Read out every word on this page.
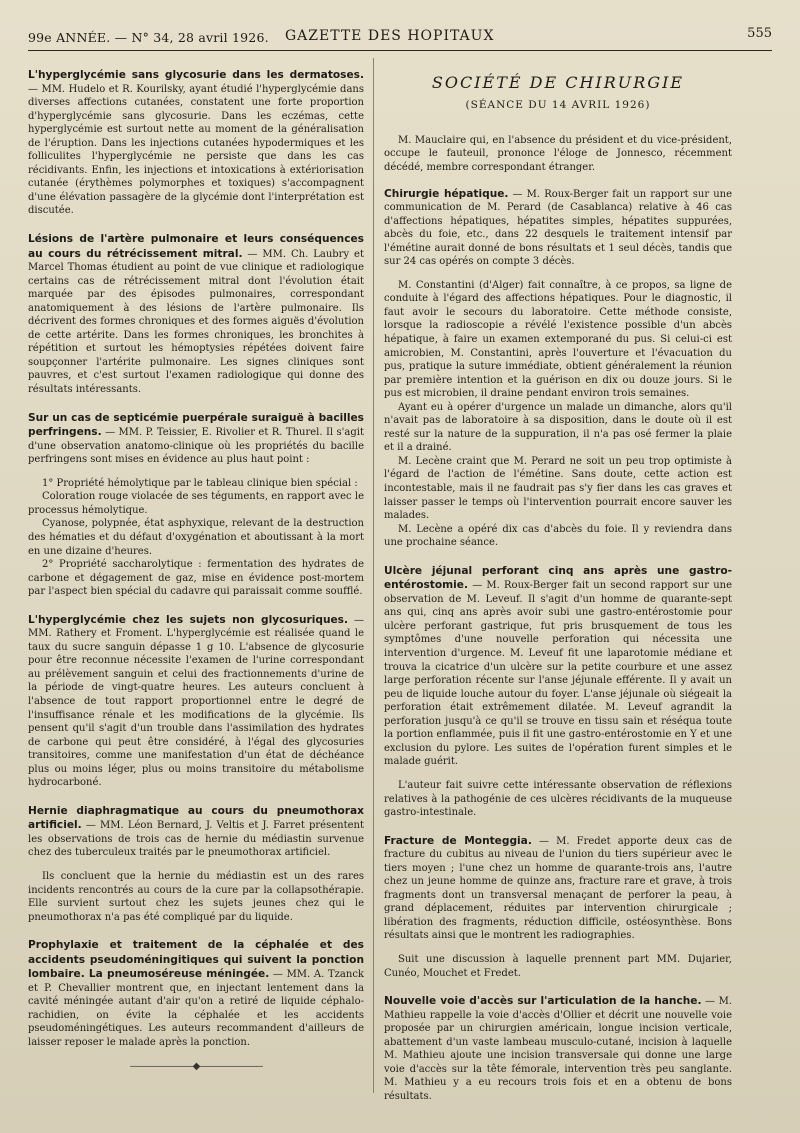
99e ANNÉE. — N° 34, 28 avril 1926. GAZETTE DES HOPITAUX	555

L'hyperglycémie sans glycosurie dans les dermatoses. — MM. Hudelo et R. Kourilsky, ayant étudié l'hyperglycémie dans diverses affections cutanées, constatent une forte proportion d'hyperglycémie sans glycosurie. Dans les eczémas, cette hyperglycémie est surtout nette au moment de la généralisation de l'éruption. Dans les injections cutanées hypodermiques et les folliculites l'hyperglycémie ne persiste que dans les cas récidivants. Enfin, les injections et intoxications à extériorisation cutanée (érythèmes polymorphes et toxiques) s'accompagnent d'une élévation passagère de la glycémie dont l'interprétation est discutée.

Lésions de l'artère pulmonaire et leurs conséquences au cours du rétrécissement mitral. — MM. Ch. Laubry et Marcel Thomas étudient au point de vue clinique et radiologique certains cas de rétrécissement mitral dont l'évolution était marquée par des épisodes pulmonaires, correspondant anatomiquement à des lésions de l'artère pulmonaire. Ils décrivent des formes chroniques et des formes aiguës d'évolution de cette artérite. Dans les formes chroniques, les bronchites à répétition et surtout les hémoptysies répétées doivent faire soupçonner l'artérite pulmonaire. Les signes cliniques sont pauvres, et c'est surtout l'examen radiologique qui donne des résultats intéressants.

Sur un cas de septicémie puerpérale suraiguë à bacilles perfringens. — MM. P. Teissier, E. Rivolier et R. Thurel. Il s'agit d'une observation anatomo-clinique où les propriétés du bacille perfringens sont mises en évidence au plus haut point :

1° Propriété hémolytique par le tableau clinique bien spécial :

Coloration rouge violacée de ses téguments, en rapport avec le processus hémolytique.

Cyanose, polypnée, état asphyxique, relevant de la destruction des hématies et du défaut d'oxygénation et aboutissant à la mort en une dizaine d'heures.

2° Propriété saccharolytique : fermentation des hydrates de carbone et dégagement de gaz, mise en évidence post-mortem par l'aspect bien spécial du cadavre qui paraissait comme soufflé.

L'hyperglycémie chez les sujets non glycosuriques. — MM. Rathery et Froment. L'hyperglycémie est réalisée quand le taux du sucre sanguin dépasse 1 g 10. L'absence de glycosurie pour être reconnue nécessite l'examen de l'urine correspondant au prélèvement sanguin et celui des fractionnements d'urine de la période de vingt-quatre heures. Les auteurs concluent à l'absence de tout rapport proportionnel entre le degré de l'insuffisance rénale et les modifications de la glycémie. Ils pensent qu'il s'agit d'un trouble dans l'assimilation des hydrates de carbone qui peut être considéré, à l'égal des glycosuries transitoires, comme une manifestation d'un état de déchéance plus ou moins léger, plus ou moins transitoire du métabolisme hydrocarboné.

Hernie diaphragmatique au cours du pneumothorax artificiel. — MM. Léon Bernard, J. Veltis et J. Farret présentent les observations de trois cas de hernie du médiastin survenue chez des tuberculeux traités par le pneumothorax artificiel.

Ils concluent que la hernie du médiastin est un des rares incidents rencontrés au cours de la cure par la collapsothérapie. Elle survient surtout chez les sujets jeunes chez qui le pneumothorax n'a pas été compliqué par du liquide.

Prophylaxie et traitement de la céphalée et des accidents pseudoméningitiques qui suivent la ponction lombaire. La pneumoséreuse méningée. — MM. A. Tzanck et P. Chevallier montrent que, en injectant lentement dans la cavité méningée autant d'air qu'on a retiré de liquide céphalo-rachidien, on évite la céphalée et les accidents pseudoméningétiques. Les auteurs recommandent d'ailleurs de laisser reposer le malade après la ponction.

———————◆———————
SOCIÉTÉ DE CHIRURGIE
(SÉANCE DU 14 AVRIL 1926)

M. Mauclaire qui, en l'absence du président et du vice-président, occupe le fauteuil, prononce l'éloge de Jonnesco, récemment décédé, membre correspondant étranger.

Chirurgie hépatique. — M. Roux-Berger fait un rapport sur une communication de M. Perard (de Casablanca) relative à 46 cas d'affections hépatiques, hépatites simples, hépatites suppurées, abcès du foie, etc., dans 22 desquels le traitement intensif par l'émétine aurait donné de bons résultats et 1 seul décès, tandis que sur 24 cas opérés on compte 3 décès.

M. Constantini (d'Alger) fait connaître, à ce propos, sa ligne de conduite à l'égard des affections hépatiques. Pour le diagnostic, il faut avoir le secours du laboratoire. Cette méthode consiste, lorsque la radioscopie a révélé l'existence possible d'un abcès hépatique, à faire un examen extemporané du pus. Si celui-ci est amicrobien, M. Constantini, après l'ouverture et l'évacuation du pus, pratique la suture immédiate, obtient généralement la réunion par première intention et la guérison en dix ou douze jours. Si le pus est microbien, il draine pendant environ trois semaines.

Ayant eu à opérer d'urgence un malade un dimanche, alors qu'il n'avait pas de laboratoire à sa disposition, dans le doute où il est resté sur la nature de la suppuration, il n'a pas osé fermer la plaie et il a drainé.

M. Lecène craint que M. Perard ne soit un peu trop optimiste à l'égard de l'action de l'émétine. Sans doute, cette action est incontestable, mais il ne faudrait pas s'y fier dans les cas graves et laisser passer le temps où l'intervention pourrait encore sauver les malades.

M. Lecène a opéré dix cas d'abcès du foie. Il y reviendra dans une prochaine séance.

Ulcère jéjunal perforant cinq ans après une gastro-entérostomie. — M. Roux-Berger fait un second rapport sur une observation de M. Leveuf. Il s'agit d'un homme de quarante-sept ans qui, cinq ans après avoir subi une gastro-entérostomie pour ulcère perforant gastrique, fut pris brusquement de tous les symptômes d'une nouvelle perforation qui nécessita une intervention d'urgence. M. Leveuf fit une laparotomie médiane et trouva la cicatrice d'un ulcère sur la petite courbure et une assez large perforation récente sur l'anse jéjunale efférente. Il y avait un peu de liquide louche autour du foyer. L'anse jéjunale où siégeait la perforation était extrêmement dilatée. M. Leveuf agrandit la perforation jusqu'à ce qu'il se trouve en tissu sain et réséqua toute la portion enflammée, puis il fit une gastro-entérostomie en Y et une exclusion du pylore. Les suites de l'opération furent simples et le malade guérit.

L'auteur fait suivre cette intéressante observation de réflexions relatives à la pathogénie de ces ulcères récidivants de la muqueuse gastro-intestinale.

Fracture de Monteggia. — M. Fredet apporte deux cas de fracture du cubitus au niveau de l'union du tiers supérieur avec le tiers moyen ; l'une chez un homme de quarante-trois ans, l'autre chez un jeune homme de quinze ans, fracture rare et grave, à trois fragments dont un transversal menaçant de perforer la peau, à grand déplacement, réduites par intervention chirurgicale ; libération des fragments, réduction difficile, ostéosynthèse. Bons résultats ainsi que le montrent les radiographies.

Suit une discussion à laquelle prennent part MM. Dujarier, Cunéo, Mouchet et Fredet.

Nouvelle voie d'accès sur l'articulation de la hanche. — M. Mathieu rappelle la voie d'accès d'Ollier et décrit une nouvelle voie proposée par un chirurgien américain, longue incision verticale, abattement d'un vaste lambeau musculo-cutané, incision à laquelle M. Mathieu ajoute une incision transversale qui donne une large voie d'accès sur la tête fémorale, intervention très peu sanglante. M. Mathieu y a eu recours trois fois et en a obtenu de bons résultats.
